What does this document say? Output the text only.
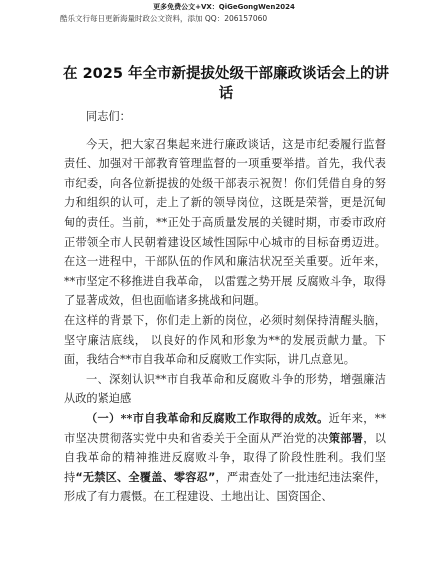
更多免费公文+VX：QiGeGongWen2024
酷乐文行每日更新海量时政公文资料，添加 QQ：206157060
在 2025 年全市新提拔处级干部廉政谈话会上的讲话

同志们：

今天，把大家召集起来进行廉政谈话，这是市纪委履行监督责任、加强对干部教育管理监督的一项重要举措。首先，我代表市纪委，向各位新提拔的处级干部表示祝贺！你们凭借自身的努力和组织的认可，走上了新的领导岗位，这既是荣誉，更是沉甸甸的责任。当前，**正处于高质量发展的关键时期，市委市政府正带领全市人民朝着建设区域性国际中心城市的目标奋勇迈进。在这一进程中，干部队伍的作风和廉洁状况至关重要。近年来，**市坚定不移推进自我革命， 以雷霆之势开展 反腐败斗争，取得了显著成效，但也面临诸多挑战和问题。

在这样的背景下，你们走上新的岗位，必须时刻保持清醒头脑，坚守廉洁底线， 以良好的作风和形象为**的发展贡献力量。下面，我结合**市自我革命和反腐败工作实际，讲几点意见。

一、深刻认识**市自我革命和反腐败斗争的形势，增强廉洁从政的紧迫感

（一）**市自我革命和反腐败工作取得的成效。近年来，**市坚决贯彻落实党中央和省委关于全面从严治党的决策部署，以自我革命的精神推进反腐败斗争，取得了阶段性胜利。我们坚持“无禁区、全覆盖、零容忍”，严肃查处了一批违纪违法案件，形成了有力震慑。在工程建设、土地出让、国资国企、
